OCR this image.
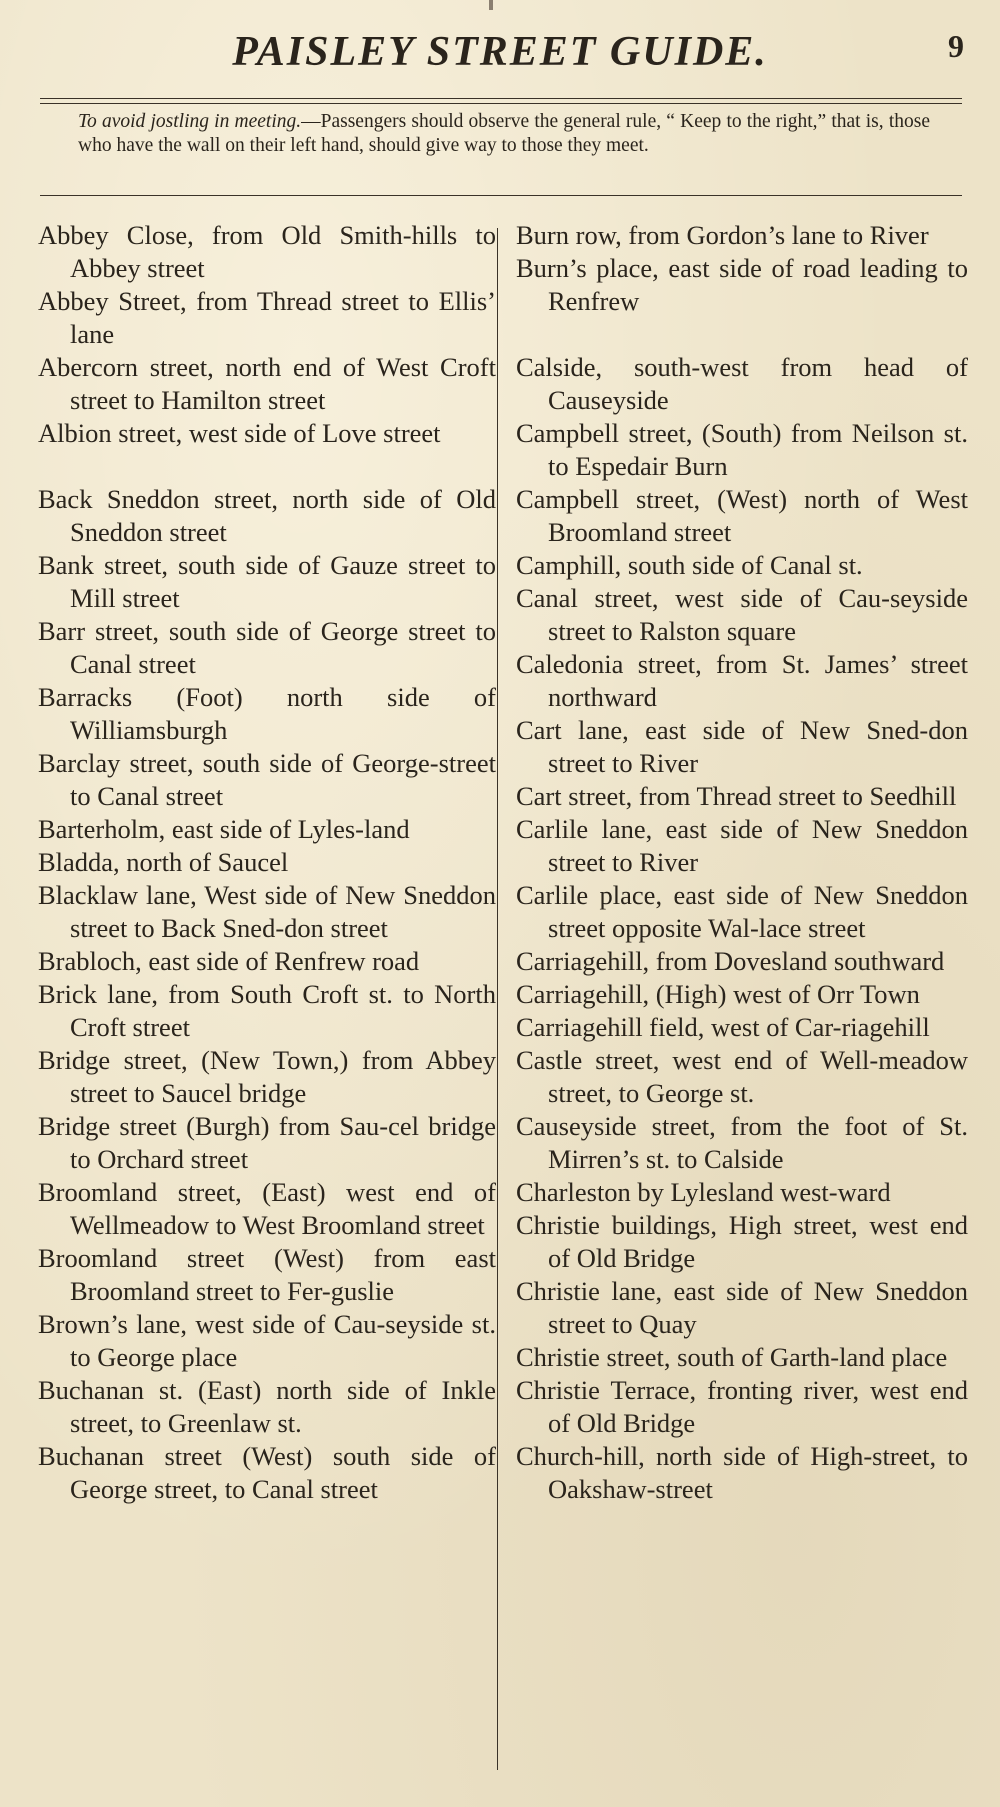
PAISLEY STREET GUIDE.	9
To avoid jostling in meeting.—Passengers should observe the general rule, “ Keep to the right,” that is, those who have the wall on their left hand, should give way to those they meet.
Abbey Close, from Old Smith-hills to Abbey street
Abbey Street, from Thread street to Ellis’ lane
Abercorn street, north end of West Croft street to Hamilton street
Albion street, west side of Love street
Back Sneddon street, north side of Old Sneddon street
Bank street, south side of Gauze street to Mill street
Barr street, south side of George street to Canal street
Barracks (Foot) north side of Williamsburgh
Barclay street, south side of George-street to Canal street
Barterholm, east side of Lyles-land
Bladda, north of Saucel
Blacklaw lane, West side of New Sneddon street to Back Sned-don street
Brabloch, east side of Renfrew road
Brick lane, from South Croft st. to North Croft street
Bridge street, (New Town,) from Abbey street to Saucel bridge
Bridge street (Burgh) from Sau-cel bridge to Orchard street
Broomland street, (East) west end of Wellmeadow to West Broomland street
Broomland street (West) from east Broomland street to Fer-guslie
Brown’s lane, west side of Cau-seyside st. to George place
Buchanan st. (East) north side of Inkle street, to Greenlaw st.
Buchanan street (West) south side of George street, to Canal street
Burn row, from Gordon’s lane to River
Burn’s place, east side of road leading to Renfrew
Calside, south-west from head of Causeyside
Campbell street, (South) from Neilson st. to Espedair Burn
Campbell street, (West) north of West Broomland street
Camphill, south side of Canal st.
Canal street, west side of Cau-seyside street to Ralston square
Caledonia street, from St. James’ street northward
Cart lane, east side of New Sned-don street to River
Cart street, from Thread street to Seedhill
Carlile lane, east side of New Sneddon street to River
Carlile place, east side of New Sneddon street opposite Wal-lace street
Carriagehill, from Dovesland southward
Carriagehill, (High) west of Orr Town
Carriagehill field, west of Car-riagehill
Castle street, west end of Well-meadow street, to George st.
Causeyside street, from the foot of St. Mirren’s st. to Calside
Charleston by Lylesland west-ward
Christie buildings, High street, west end of Old Bridge
Christie lane, east side of New Sneddon street to Quay
Christie street, south of Garth-land place
Christie Terrace, fronting river, west end of Old Bridge
Church-hill, north side of High-street, to Oakshaw-street
